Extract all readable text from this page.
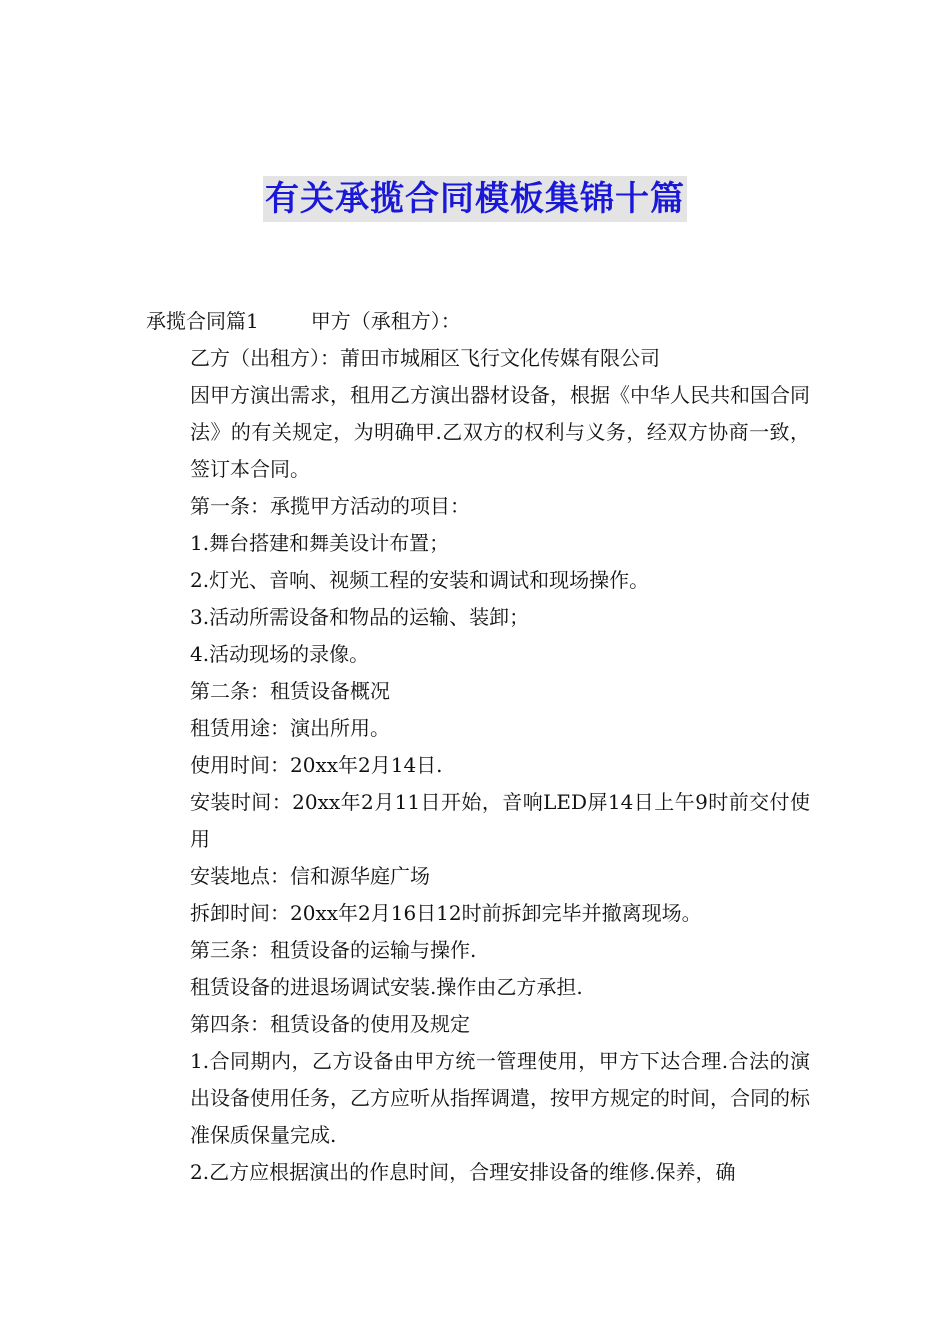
有关承揽合同模板集锦十篇

承揽合同篇1	甲方（承租方）：

乙方（出租方）：莆田市城厢区飞行文化传媒有限公司

因甲方演出需求，租用乙方演出器材设备，根据《中华人民共和国合同法》的有关规定，为明确甲.乙双方的权利与义务，经双方协商一致，签订本合同。

第一条：承揽甲方活动的项目：

1.舞台搭建和舞美设计布置；

2.灯光、音响、视频工程的安装和调试和现场操作。

3.活动所需设备和物品的运输、装卸；

4.活动现场的录像。

第二条：租赁设备概况

租赁用途：演出所用。

使用时间：20xx年2月14日.

安装时间：20xx年2月11日开始，音响LED屏14日上午9时前交付使用

安装地点：信和源华庭广场

拆卸时间：20xx年2月16日12时前拆卸完毕并撤离现场。

第三条：租赁设备的运输与操作.

租赁设备的进退场调试安装.操作由乙方承担.

第四条：租赁设备的使用及规定

1.合同期内，乙方设备由甲方统一管理使用，甲方下达合理.合法的演出设备使用任务，乙方应听从指挥调遣，按甲方规定的时间，合同的标准保质保量完成.

2.乙方应根据演出的作息时间，合理安排设备的维修.保养，确
